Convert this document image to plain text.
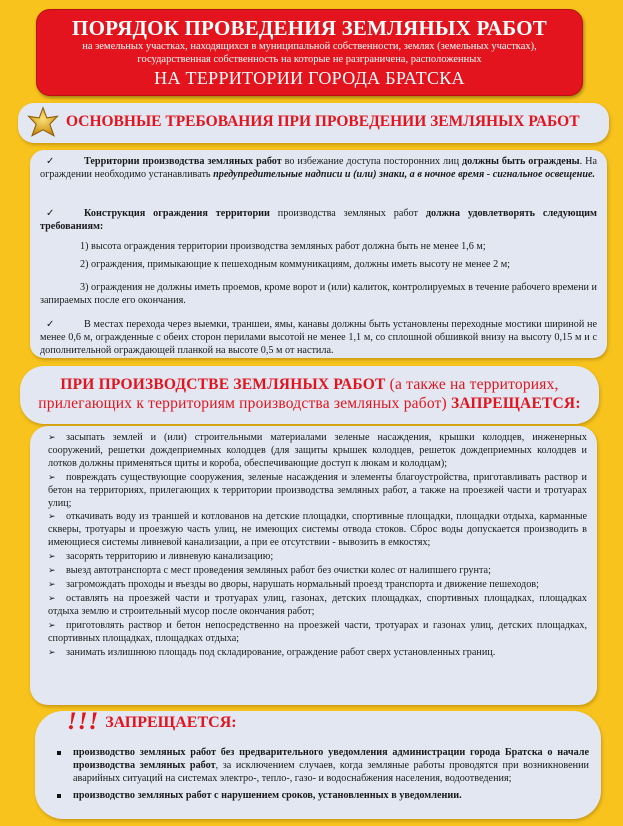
ПОРЯДОК ПРОВЕДЕНИЯ ЗЕМЛЯНЫХ РАБОТ
на земельных участках, находящихся в муниципальной собственности, землях (земельных участках), государственная собственность на которые не разграничена, расположенных
НА ТЕРРИТОРИИ ГОРОДА БРАТСКА
ОСНОВНЫЕ ТРЕБОВАНИЯ ПРИ ПРОВЕДЕНИИ ЗЕМЛЯНЫХ РАБОТ

✓	Территории производства земляных работ во избежание доступа посторонних лиц должны быть ограждены. На ограждении необходимо устанавливать предупредительные надписи и (или) знаки, а в ночное время - сигнальное освещение.

✓	Конструкция ограждения территории производства земляных работ должна удовлетворять следующим требованиям:

1) высота ограждения территории производства земляных работ должна быть не менее 1,6 м;

2) ограждения, примыкающие к пешеходным коммуникациям, должны иметь высоту не менее 2 м;

3) ограждения не должны иметь проемов, кроме ворот и (или) калиток, контролируемых в течение рабочего времени и запираемых после его окончания.

✓	В местах перехода через выемки, траншеи, ямы, канавы должны быть установлены переходные мостики шириной не менее 0,6 м, огражденные с обеих сторон перилами высотой не менее 1,1 м, со сплошной обшивкой внизу на высоту 0,15 м и с дополнительной ограждающей планкой на высоте 0,5 м от настила.

ПРИ ПРОИЗВОДСТВЕ ЗЕМЛЯНЫХ РАБОТ (а также на территориях, прилегающих к территориям производства земляных работ) ЗАПРЕЩАЕТСЯ:

➢ засыпать землей и (или) строительными материалами зеленые насаждения, крышки колодцев, инженерных сооружений, решетки дождеприемных колодцев (для защиты крышек колодцев, решеток дождеприемных колодцев и лотков должны применяться щиты и короба, обеспечивающие доступ к люкам и колодцам);

➢ повреждать существующие сооружения, зеленые насаждения и элементы благоустройства, приготавливать раствор и бетон на территориях, прилегающих к территории производства земляных работ, а также на проезжей части и тротуарах улиц;

➢ откачивать воду из траншей и котлованов на детские площадки, спортивные площадки, площадки отдыха, карманные скверы, тротуары и проезжую часть улиц, не имеющих системы отвода стоков. Сброс воды допускается производить в имеющиеся системы ливневой канализации, а при ее отсутствии - вывозить в емкостях;

➢ засорять территорию и ливневую канализацию;

➢ выезд автотранспорта с мест проведения земляных работ без очистки колес от налипшего грунта;

➢ загромождать проходы и въезды во дворы, нарушать нормальный проезд транспорта и движение пешеходов;

➢ оставлять на проезжей части и тротуарах улиц, газонах, детских площадках, спортивных площадках, площадках отдыха землю и строительный мусор после окончания работ;

➢ приготовлять раствор и бетон непосредственно на проезжей части, тротуарах и газонах улиц, детских площадках, спортивных площадках, площадках отдыха;

➢ занимать излишнюю площадь под складирование, ограждение работ сверх установленных границ.

!!! ЗАПРЕЩАЕТСЯ:
производство земляных работ без предварительного уведомления администрации города Братска о начале производства земляных работ, за исключением случаев, когда земляные работы проводятся при возникновении аварийных ситуаций на системах электро-, тепло-, газо- и водоснабжения населения, водоотведения;
производство земляных работ с нарушением сроков, установленных в уведомлении.
